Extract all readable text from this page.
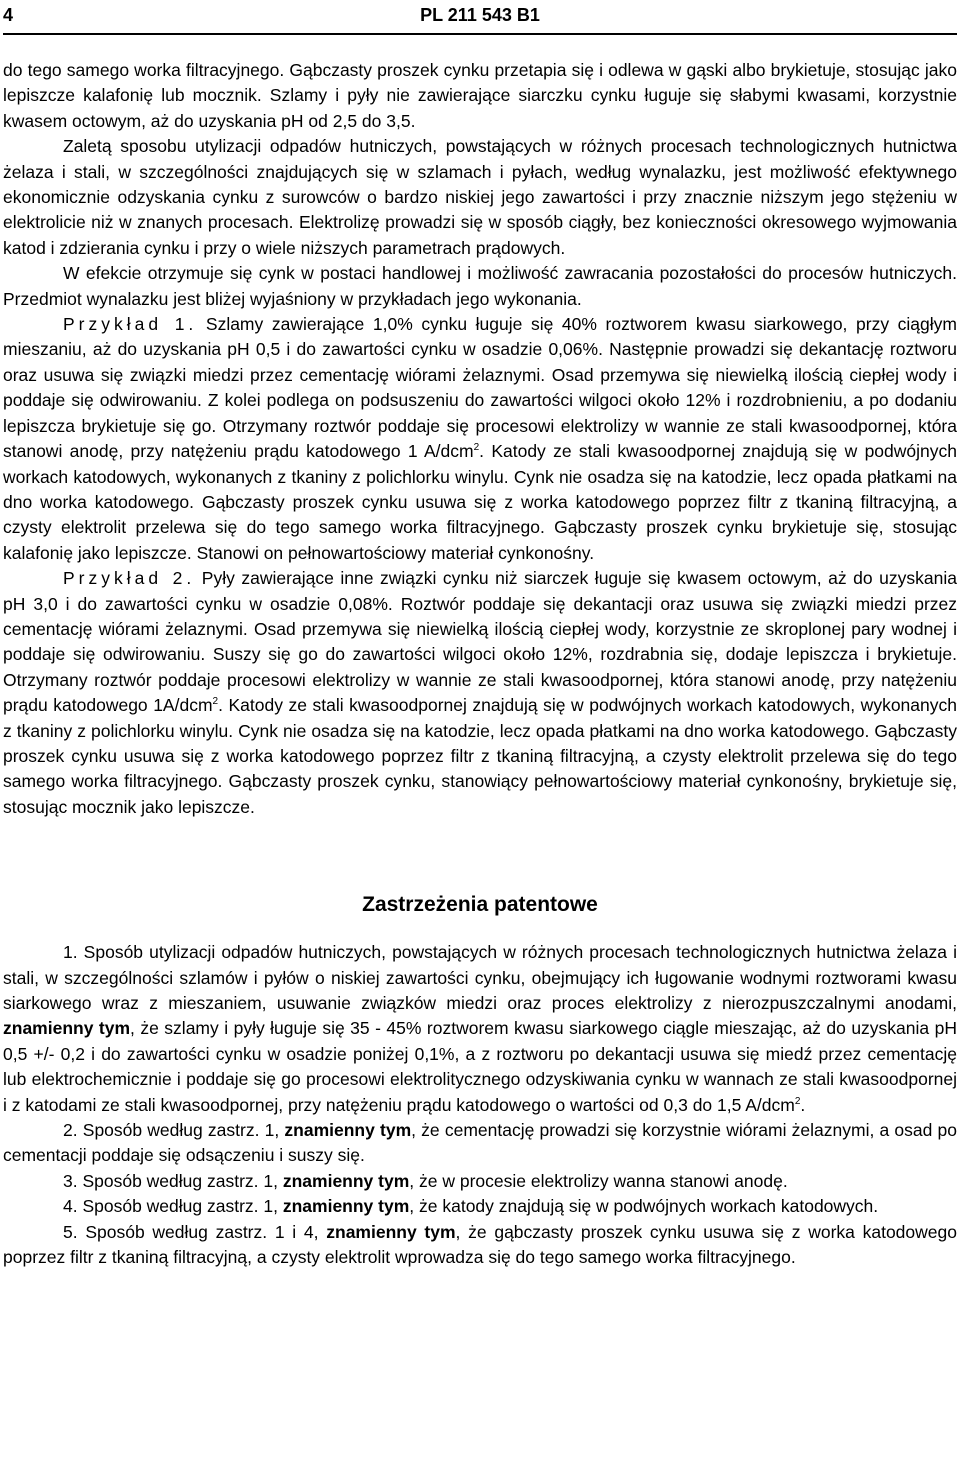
4	PL 211 543 B1

do tego samego worka filtracyjnego. Gąbczasty proszek cynku przetapia się i odlewa w gąski albo brykietuje, stosując jako lepiszcze kalafonię lub mocznik. Szlamy i pyły nie zawierające siarczku cynku ługuje się słabymi kwasami, korzystnie kwasem octowym, aż do uzyskania pH od 2,5 do 3,5.

Zaletą sposobu utylizacji odpadów hutniczych, powstających w różnych procesach technologicznych hutnictwa żelaza i stali, w szczególności znajdujących się w szlamach i pyłach, według wynalazku, jest możliwość efektywnego ekonomicznie odzyskania cynku z surowców o bardzo niskiej jego zawartości i przy znacznie niższym jego stężeniu w elektrolicie niż w znanych procesach. Elektrolizę prowadzi się w sposób ciągły, bez konieczności okresowego wyjmowania katod i zdzierania cynku i przy o wiele niższych parametrach prądowych.

W efekcie otrzymuje się cynk w postaci handlowej i możliwość zawracania pozostałości do procesów hutniczych. Przedmiot wynalazku jest bliżej wyjaśniony w przykładach jego wykonania.

Przykład 1. Szlamy zawierające 1,0% cynku ługuje się 40% roztworem kwasu siarkowego, przy ciągłym mieszaniu, aż do uzyskania pH 0,5 i do zawartości cynku w osadzie 0,06%. Następnie prowadzi się dekantację roztworu oraz usuwa się związki miedzi przez cementację wiórami żelaznymi. Osad przemywa się niewielką ilością ciepłej wody i poddaje się odwirowaniu. Z kolei podlega on podsuszeniu do zawartości wilgoci około 12% i rozdrobnieniu, a po dodaniu lepiszcza brykietuje się go. Otrzymany roztwór poddaje się procesowi elektrolizy w wannie ze stali kwasoodpornej, która stanowi anodę, przy natężeniu prądu katodowego 1 A/dcm$^2$. Katody ze stali kwasoodpornej znajdują się w podwójnych workach katodowych, wykonanych z tkaniny z polichlorku winylu. Cynk nie osadza się na katodzie, lecz opada płatkami na dno worka katodowego. Gąbczasty proszek cynku usuwa się z worka katodowego poprzez filtr z tkaniną filtracyjną, a czysty elektrolit przelewa się do tego samego worka filtracyjnego. Gąbczasty proszek cynku brykietuje się, stosując kalafonię jako lepiszcze. Stanowi on pełnowartościowy materiał cynkonośny.

Przykład 2. Pyły zawierające inne związki cynku niż siarczek ługuje się kwasem octowym, aż do uzyskania pH 3,0 i do zawartości cynku w osadzie 0,08%. Roztwór poddaje się dekantacji oraz usuwa się związki miedzi przez cementację wiórami żelaznymi. Osad przemywa się niewielką ilością ciepłej wody, korzystnie ze skroplonej pary wodnej i poddaje się odwirowaniu. Suszy się go do zawartości wilgoci około 12%, rozdrabnia się, dodaje lepiszcza i brykietuje. Otrzymany roztwór poddaje procesowi elektrolizy w wannie ze stali kwasoodpornej, która stanowi anodę, przy natężeniu prądu katodowego 1A/dcm$^2$. Katody ze stali kwasoodpornej znajdują się w podwójnych workach katodowych, wykonanych z tkaniny z polichlorku winylu. Cynk nie osadza się na katodzie, lecz opada płatkami na dno worka katodowego. Gąbczasty proszek cynku usuwa się z worka katodowego poprzez filtr z tkaniną filtracyjną, a czysty elektrolit przelewa się do tego samego worka filtracyjnego. Gąbczasty proszek cynku, stanowiący pełnowartościowy materiał cynkonośny, brykietuje się, stosując mocznik jako lepiszcze.

Zastrzeżenia patentowe

1. Sposób utylizacji odpadów hutniczych, powstających w różnych procesach technologicznych hutnictwa żelaza i stali, w szczególności szlamów i pyłów o niskiej zawartości cynku, obejmujący ich ługowanie wodnymi roztworami kwasu siarkowego wraz z mieszaniem, usuwanie związków miedzi oraz proces elektrolizy z nierozpuszczalnymi anodami, znamienny tym, że szlamy i pyły ługuje się 35 - 45% roztworem kwasu siarkowego ciągle mieszając, aż do uzyskania pH 0,5 +/- 0,2 i do zawartości cynku w osadzie poniżej 0,1%, a z roztworu po dekantacji usuwa się miedź przez cementację lub elektrochemicznie i poddaje się go procesowi elektrolitycznego odzyskiwania cynku w wannach ze stali kwasoodpornej i z katodami ze stali kwasoodpornej, przy natężeniu prądu katodowego o wartości od 0,3 do 1,5 A/dcm$^2$.

2. Sposób według zastrz. 1, znamienny tym, że cementację prowadzi się korzystnie wiórami żelaznymi, a osad po cementacji poddaje się odsączeniu i suszy się.

3. Sposób według zastrz. 1, znamienny tym, że w procesie elektrolizy wanna stanowi anodę.

4. Sposób według zastrz. 1, znamienny tym, że katody znajdują się w podwójnych workach katodowych.

5. Sposób według zastrz. 1 i 4, znamienny tym, że gąbczasty proszek cynku usuwa się z worka katodowego poprzez filtr z tkaniną filtracyjną, a czysty elektrolit wprowadza się do tego samego worka filtracyjnego.
